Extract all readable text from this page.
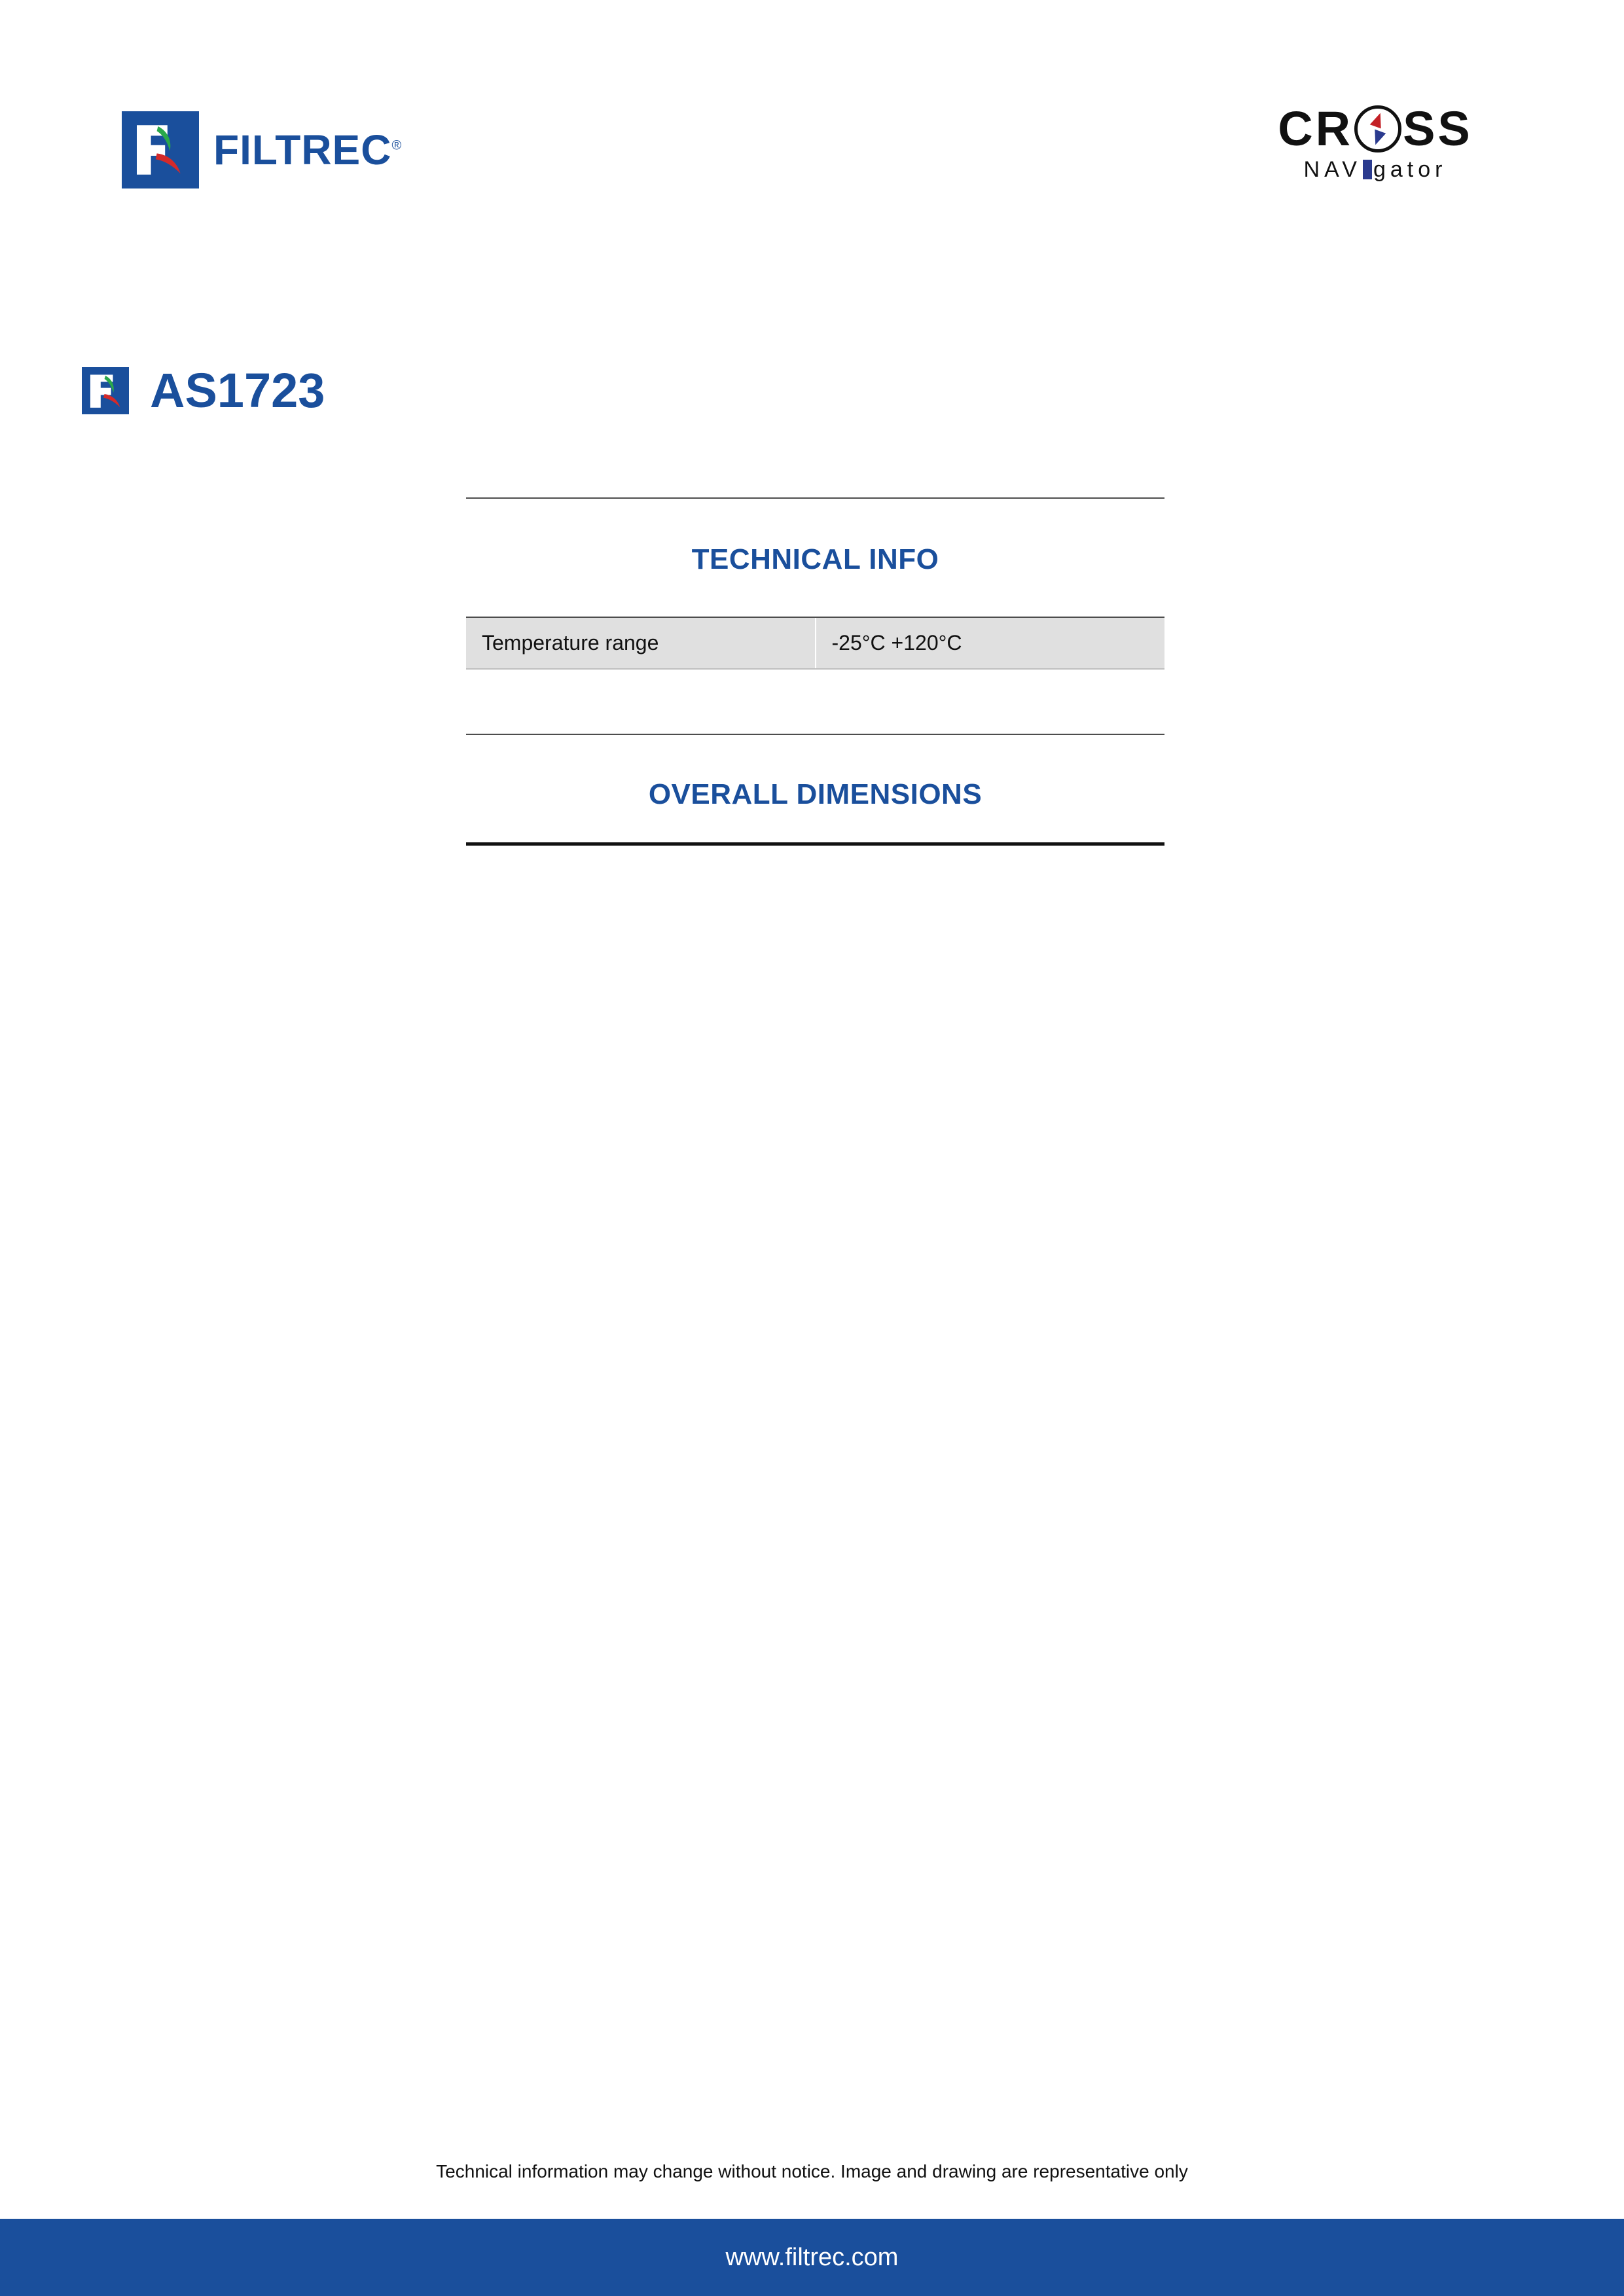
FILTREC®	CR SS
NAV gator
AS1723
TECHNICAL INFO
Temperature range	-25°C +120°C
OVERALL DIMENSIONS
Technical information may change without notice. Image and drawing are representative only
www.filtrec.com
